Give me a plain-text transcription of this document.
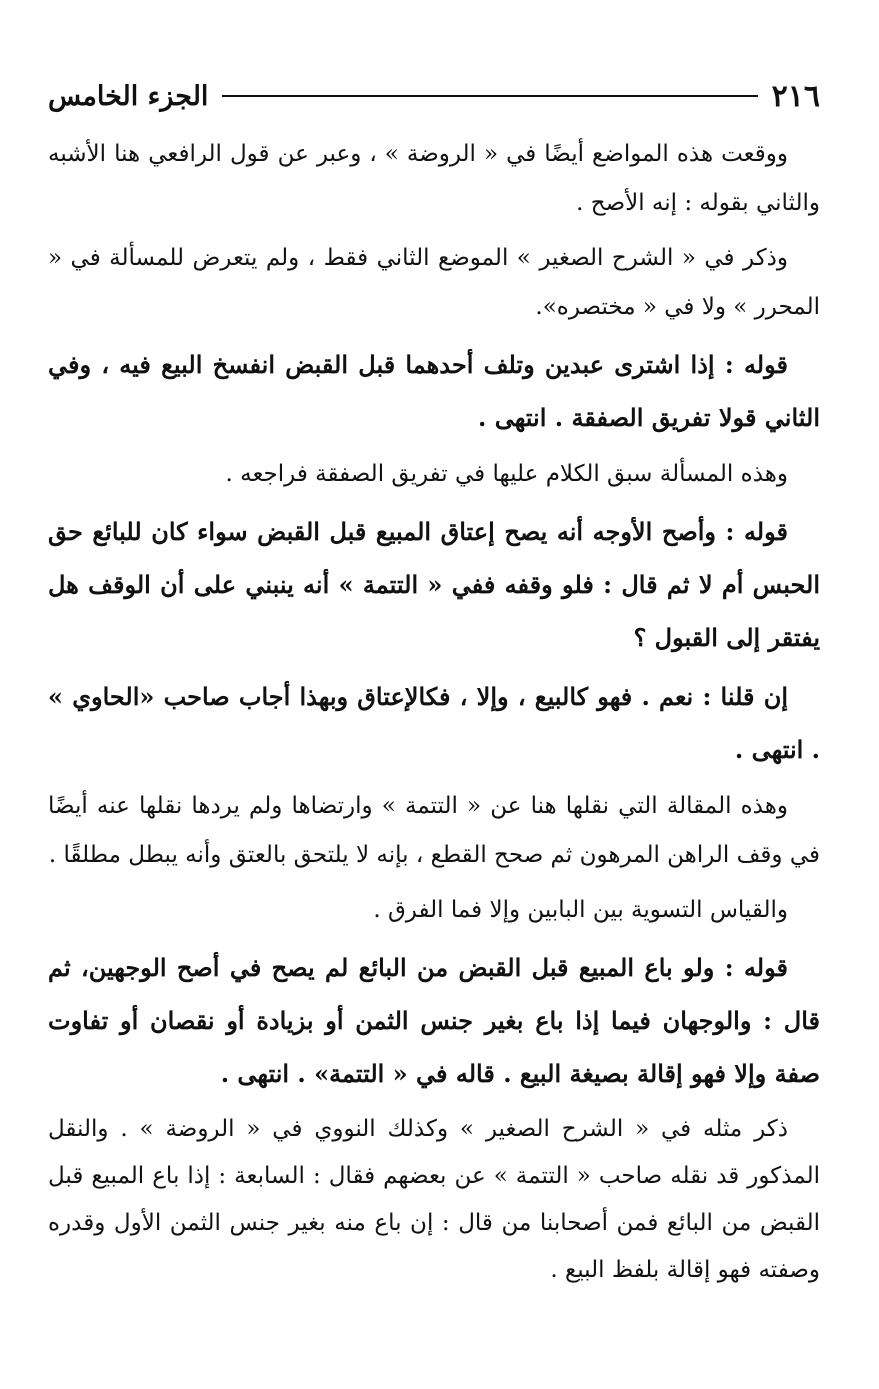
٢١٦
الجزء الخامس

ووقعت هذه المواضع أيضًا في « الروضة » ، وعبر عن قول الرافعي هنا الأشبه والثاني بقوله : إنه الأصح .

وذكر في « الشرح الصغير » الموضع الثاني فقط ، ولم يتعرض للمسألة في « المحرر » ولا في « مختصره».

قوله : إذا اشترى عبدين وتلف أحدهما قبل القبض انفسخ البيع فيه ، وفي الثاني قولا تفريق الصفقة . انتهى .

وهذه المسألة سبق الكلام عليها في تفريق الصفقة فراجعه .

قوله : وأصح الأوجه أنه يصح إعتاق المبيع قبل القبض سواء كان للبائع حق الحبس أم لا ثم قال : فلو وقفه ففي « التتمة » أنه ينبني على أن الوقف هل يفتقر إلى القبول ؟

إن قلنا : نعم . فهو كالبيع ، وإلا ، فكالإعتاق وبهذا أجاب صاحب «الحاوي » . انتهى .

وهذه المقالة التي نقلها هنا عن « التتمة » وارتضاها ولم يردها نقلها عنه أيضًا في وقف الراهن المرهون ثم صحح القطع ، بإنه لا يلتحق بالعتق وأنه يبطل مطلقًا .

والقياس التسوية بين البابين وإلا فما الفرق .

قوله : ولو باع المبيع قبل القبض من البائع لم يصح في أصح الوجهين، ثم قال : والوجهان فيما إذا باع بغير جنس الثمن أو بزيادة أو نقصان أو تفاوت صفة وإلا فهو إقالة بصيغة البيع . قاله في « التتمة» . انتهى .

ذكر مثله في « الشرح الصغير » وكذلك النووي في « الروضة » . والنقل المذكور قد نقله صاحب « التتمة » عن بعضهم فقال : السابعة : إذا باع المبيع قبل القبض من البائع فمن أصحابنا من قال : إن باع منه بغير جنس الثمن الأول وقدره وصفته فهو إقالة بلفظ البيع .
